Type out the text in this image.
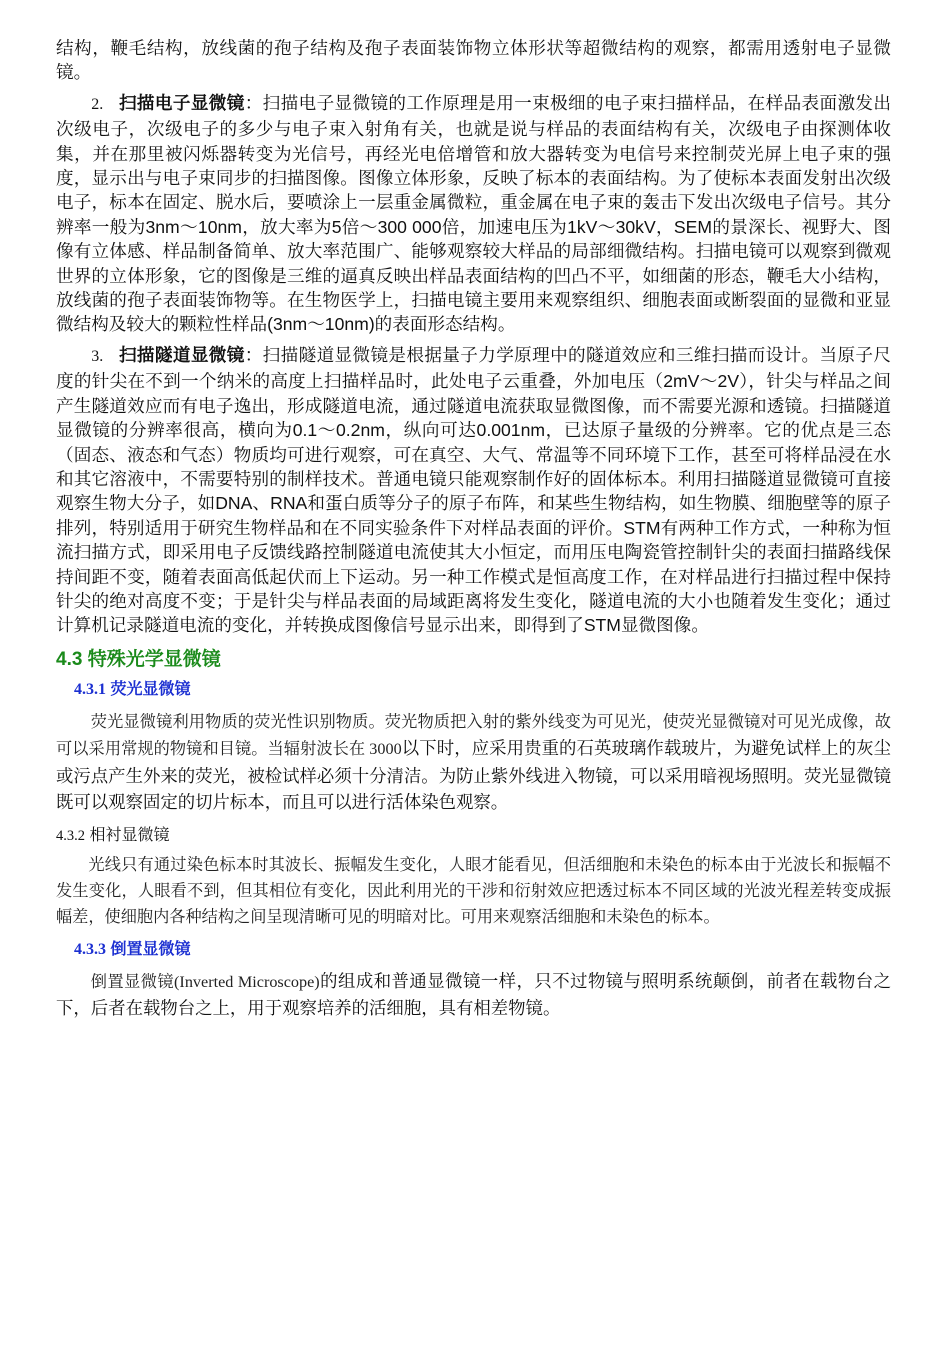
结构，鞭毛结构，放线菌的孢子结构及孢子表面装饰物立体形状等超微结构的观察，都需用透射电子显微镜。

2. 扫描电子显微镜：扫描电子显微镜的工作原理是用一束极细的电子束扫描样品，在样品表面激发出次级电子，次级电子的多少与电子束入射角有关，也就是说与样品的表面结构有关，次级电子由探测体收集，并在那里被闪烁器转变为光信号，再经光电倍增管和放大器转变为电信号来控制荧光屏上电子束的强度，显示出与电子束同步的扫描图像。图像立体形象，反映了标本的表面结构。为了使标本表面发射出次级电子，标本在固定、脱水后，要喷涂上一层重金属微粒，重金属在电子束的轰击下发出次级电子信号。其分辨率一般为3nm～10nm，放大率为5倍～300 000倍，加速电压为1kV～30kV，SEM的景深长、视野大、图像有立体感、样品制备简单、放大率范围广、能够观察较大样品的局部细微结构。扫描电镜可以观察到微观世界的立体形象，它的图像是三维的逼真反映出样品表面结构的凹凸不平，如细菌的形态，鞭毛大小结构，放线菌的孢子表面装饰物等。在生物医学上，扫描电镜主要用来观察组织、细胞表面或断裂面的显微和亚显微结构及较大的颗粒性样品(3nm～10nm)的表面形态结构。

3. 扫描隧道显微镜：扫描隧道显微镜是根据量子力学原理中的隧道效应和三维扫描而设计。当原子尺度的针尖在不到一个纳米的高度上扫描样品时，此处电子云重叠，外加电压（2mV～2V），针尖与样品之间产生隧道效应而有电子逸出，形成隧道电流，通过隧道电流获取显微图像，而不需要光源和透镜。扫描隧道显微镜的分辨率很高，横向为0.1～0.2nm，纵向可达0.001nm，已达原子量级的分辨率。它的优点是三态（固态、液态和气态）物质均可进行观察，可在真空、大气、常温等不同环境下工作，甚至可将样品浸在水和其它溶液中，不需要特别的制样技术。普通电镜只能观察制作好的固体标本。利用扫描隧道显微镜可直接观察生物大分子，如DNA、RNA和蛋白质等分子的原子布阵，和某些生物结构，如生物膜、细胞壁等的原子排列，特别适用于研究生物样品和在不同实验条件下对样品表面的评价。STM有两种工作方式，一种称为恒流扫描方式，即采用电子反馈线路控制隧道电流使其大小恒定，而用压电陶瓷管控制针尖的表面扫描路线保持间距不变，随着表面高低起伏而上下运动。另一种工作模式是恒高度工作，在对样品进行扫描过程中保持针尖的绝对高度不变；于是针尖与样品表面的局域距离将发生变化，隧道电流的大小也随着发生变化；通过计算机记录隧道电流的变化，并转换成图像信号显示出来，即得到了STM显微图像。

4.3 特殊光学显微镜
4.3.1 荧光显微镜

荧光显微镜利用物质的荧光性识别物质。荧光物质把入射的紫外线变为可见光，使荧光显微镜对可见光成像，故可以采用常规的物镜和目镜。当辐射波长在 3000以下时，应采用贵重的石英玻璃作载玻片，为避免试样上的灰尘或污点产生外来的荧光，被检试样必须十分清洁。为防止紫外线进入物镜，可以采用暗视场照明。荧光显微镜既可以观察固定的切片标本，而且可以进行活体染色观察。

4.3.2 相衬显微镜

光线只有通过染色标本时其波长、振幅发生变化，人眼才能看见，但活细胞和未染色的标本由于光波长和振幅不发生变化，人眼看不到，但其相位有变化，因此利用光的干涉和衍射效应把透过标本不同区域的光波光程差转变成振幅差，使细胞内各种结构之间呈现清晰可见的明暗对比。可用来观察活细胞和未染色的标本。

4.3.3 倒置显微镜

倒置显微镜(Inverted Microscope)的组成和普通显微镜一样，只不过物镜与照明系统颠倒，前者在载物台之下，后者在载物台之上，用于观察培养的活细胞，具有相差物镜。
